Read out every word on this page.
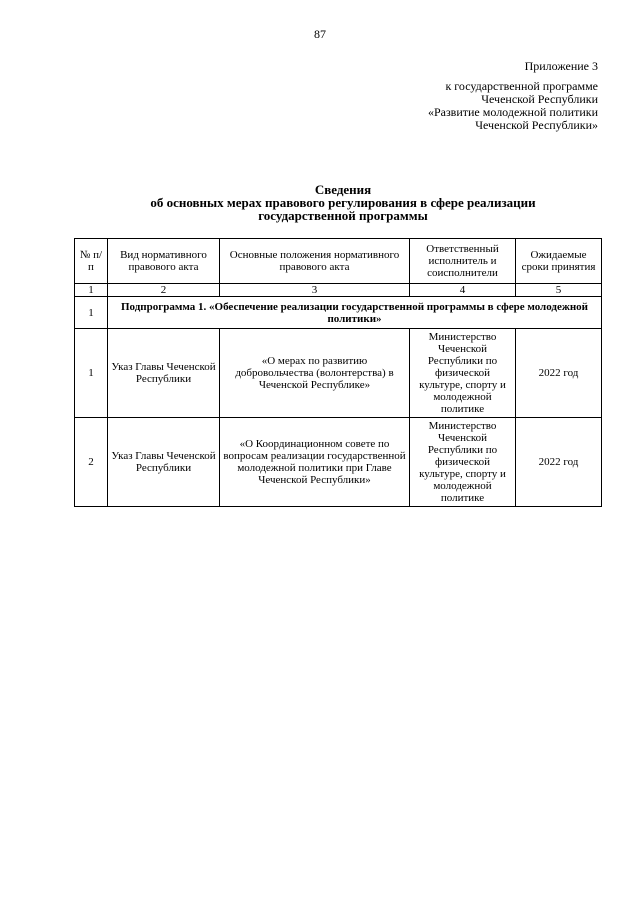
87
Приложение 3
к государственной программе
Чеченской Республики
«Развитие молодежной политики
Чеченской Республики»
Сведения
об основных мерах правового регулирования в сфере реализации
государственной программы
№ п/п	Вид нормативного правового акта	Основные положения нормативного правового акта	Ответственный исполнитель и соисполнители	Ожидаемые сроки принятия
1	2	3	4	5
1	Подпрограмма 1. «Обеспечение реализации государственной программы в сфере молодежной политики»			
1	Указ Главы Чеченской Республики	«О мерах по развитию добровольчества (волонтерства) в Чеченской Республике»	Министерство Чеченской Республики по физической культуре, спорту и молодежной политике	2022 год
2	Указ Главы Чеченской Республики	«О Координационном совете по вопросам реализации государственной молодежной политики при Главе Чеченской Республики»	Министерство Чеченской Республики по физической культуре, спорту и молодежной политике	2022 год
